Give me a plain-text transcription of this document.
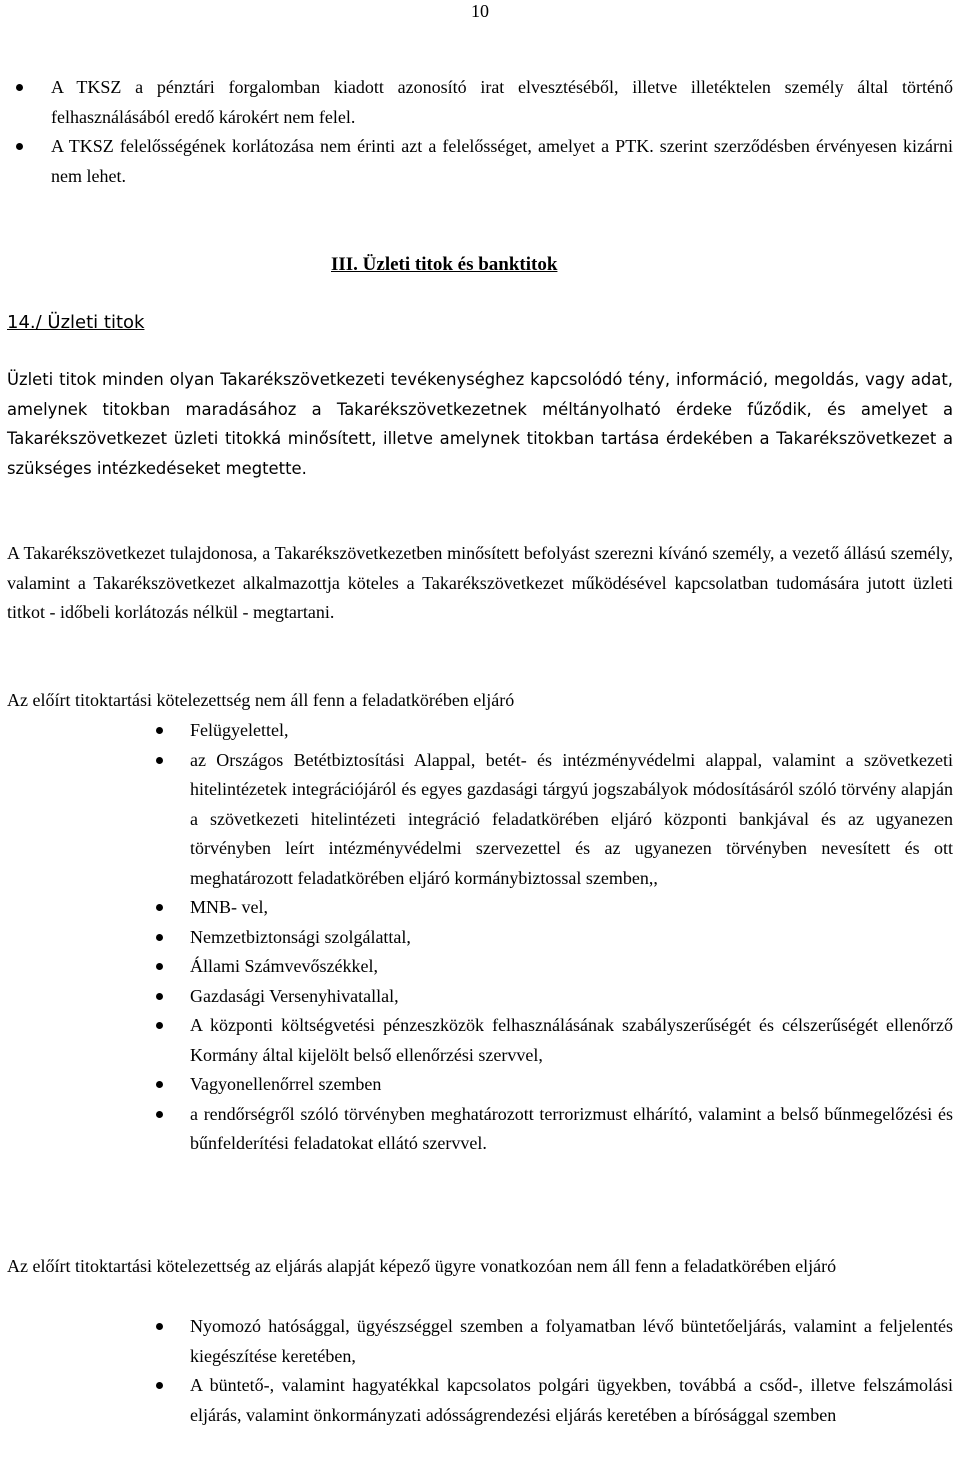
10
A TKSZ a pénztári forgalomban kiadott azonosító irat elvesztéséből, illetve illetéktelen személy által történő felhasználásából eredő károkért nem felel.
A TKSZ felelősségének korlátozása nem érinti azt a felelősséget, amelyet a PTK. szerint szerződésben érvényesen kizárni nem lehet.
III. Üzleti titok és banktitok
14./ Üzleti titok
Üzleti titok minden olyan Takarékszövetkezeti tevékenységhez kapcsolódó tény, információ, megoldás, vagy adat, amelynek titokban maradásához a Takarékszövetkezetnek méltányolható érdeke fűződik, és amelyet a Takarékszövetkezet üzleti titokká minősített, illetve amelynek titokban tartása érdekében a Takarékszövetkezet a szükséges intézkedéseket megtette.
A Takarékszövetkezet tulajdonosa, a Takarékszövetkezetben minősített befolyást szerezni kívánó személy, a vezető állású személy, valamint a Takarékszövetkezet alkalmazottja köteles a Takarékszövetkezet működésével kapcsolatban tudomására jutott üzleti titkot - időbeli korlátozás nélkül - megtartani.
Az előírt titoktartási kötelezettség nem áll fenn a feladatkörében eljáró
Felügyelettel,
az Országos Betétbiztosítási Alappal, betét- és intézményvédelmi alappal, valamint a szövetkezeti hitelintézetek integrációjáról és egyes gazdasági tárgyú jogszabályok módosításáról szóló törvény alapján a szövetkezeti hitelintézeti integráció feladatkörében eljáró központi bankjával és az ugyanezen törvényben leírt intézményvédelmi szervezettel és az ugyanezen törvényben nevesített és ott meghatározott feladatkörében eljáró kormánybiztossal szemben,,
MNB- vel,
Nemzetbiztonsági szolgálattal,
Állami Számvevőszékkel,
Gazdasági Versenyhivatallal,
A központi költségvetési pénzeszközök felhasználásának szabályszerűségét és célszerűségét ellenőrző Kormány által kijelölt belső ellenőrzési szervvel,
Vagyonellenőrrel szemben
a rendőrségről szóló törvényben meghatározott terrorizmust elhárító, valamint a belső bűnmegelőzési és bűnfelderítési feladatokat ellátó szervvel.
Az előírt titoktartási kötelezettség az eljárás alapját képező ügyre vonatkozóan nem áll fenn a feladatkörében eljáró
Nyomozó hatósággal, ügyészséggel szemben a folyamatban lévő büntetőeljárás, valamint a feljelentés kiegészítése keretében,
A büntető-, valamint hagyatékkal kapcsolatos polgári ügyekben, továbbá a csőd-, illetve felszámolási eljárás, valamint önkormányzati adósságrendezési eljárás keretében a bírósággal szemben
